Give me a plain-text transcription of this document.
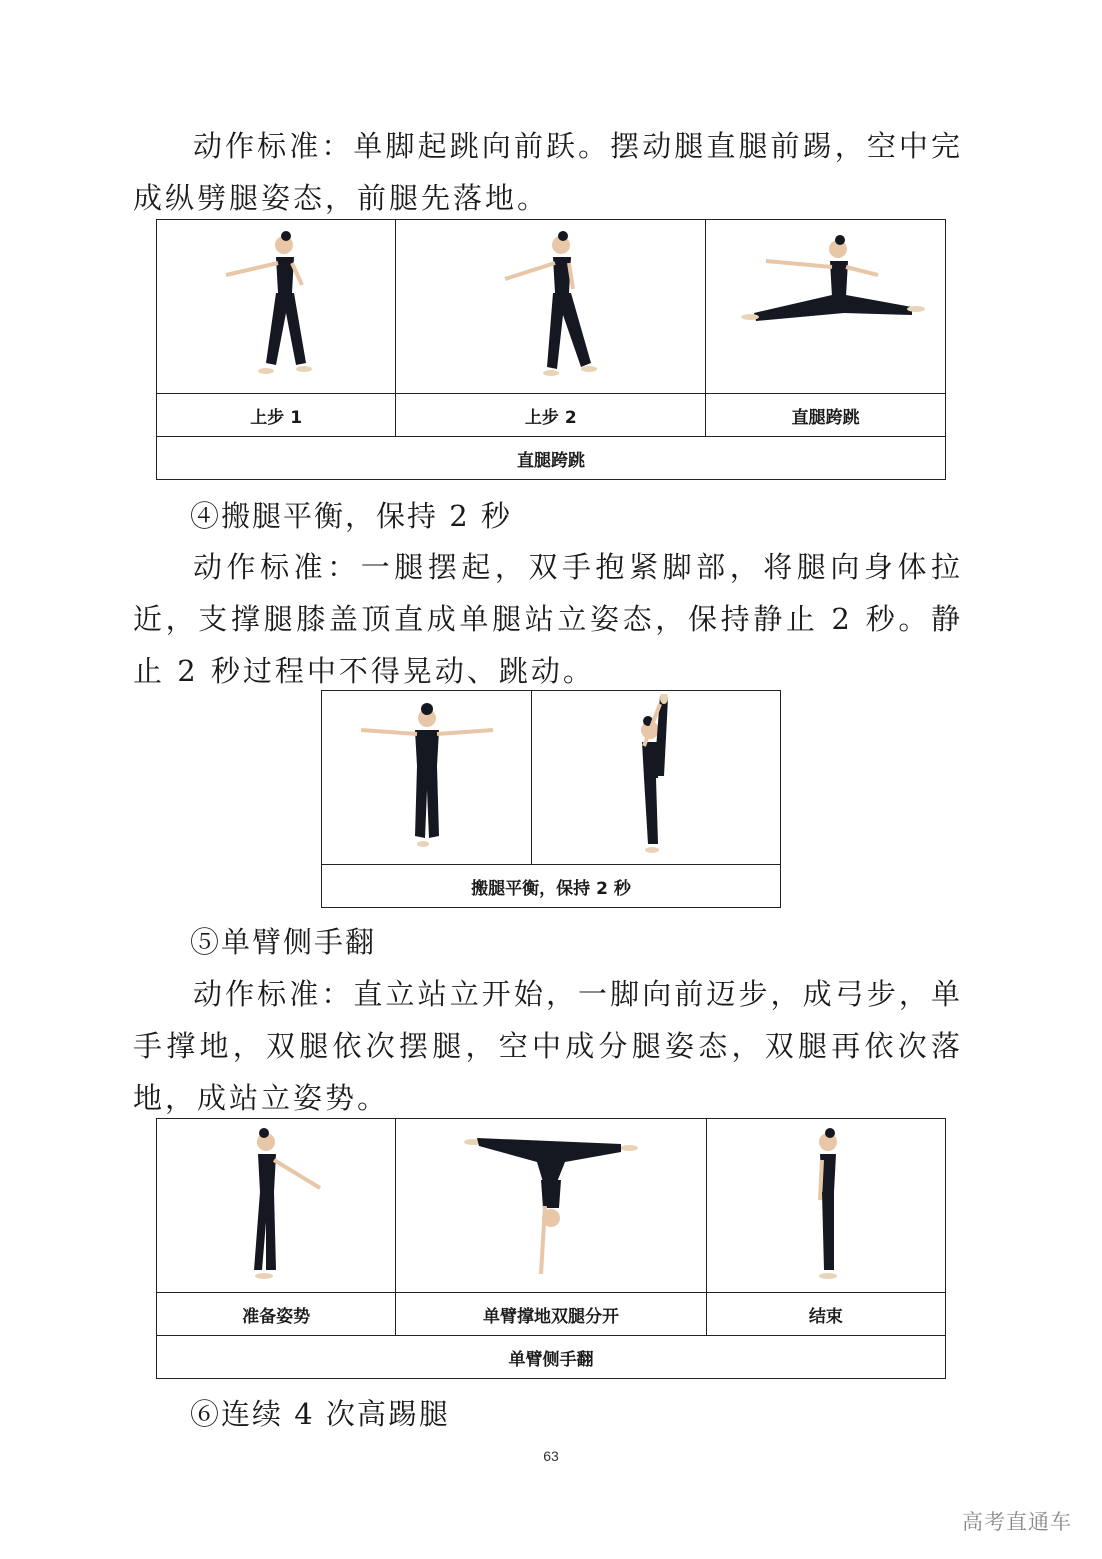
动作标准：单脚起跳向前跃。摆动腿直腿前踢，空中完成纵劈腿姿态，前腿先落地。

上步 1	上步 2	直腿跨跳
直腿跨跳		

④搬腿平衡，保持 2 秒

动作标准：一腿摆起，双手抱紧脚部，将腿向身体拉近，支撑腿膝盖顶直成单腿站立姿态，保持静止 2 秒。静止 2 秒过程中不得晃动、跳动。

搬腿平衡，保持 2 秒

⑤单臂侧手翻

动作标准：直立站立开始，一脚向前迈步，成弓步，单手撑地，双腿依次摆腿，空中成分腿姿态，双腿再依次落地，成站立姿势。

准备姿势	单臂撑地双腿分开	结束
单臂侧手翻		

⑥连续 4 次高踢腿

63
高考直通车
